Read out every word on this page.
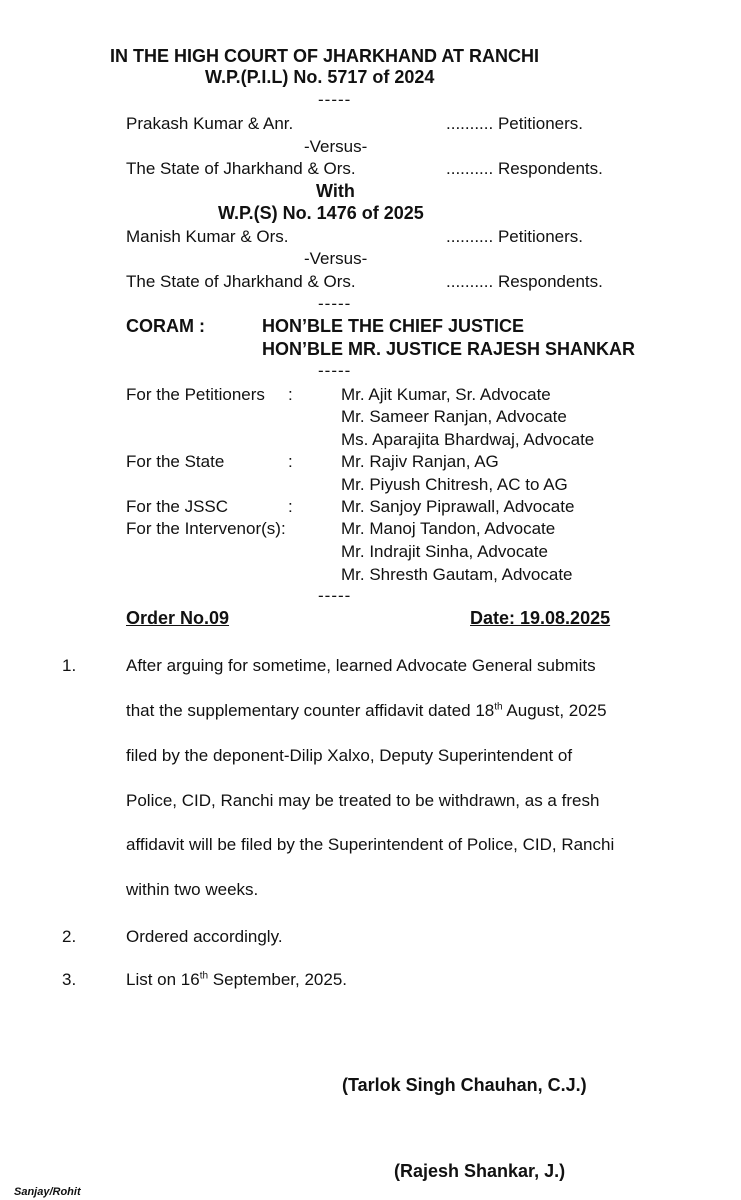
IN THE HIGH COURT OF JHARKHAND AT RANCHI
W.P.(P.I.L) No. 5717 of 2024
-----
Prakash Kumar & Anr.	.......... Petitioners.
-Versus-
The State of Jharkhand & Ors.	.......... Respondents.
With
W.P.(S) No. 1476 of 2025
Manish Kumar & Ors.	.......... Petitioners.
-Versus-
The State of Jharkhand & Ors.	.......... Respondents.
-----
CORAM :	HON’BLE THE CHIEF JUSTICE
HON’BLE MR. JUSTICE RAJESH SHANKAR
-----
For the Petitioners :	Mr. Ajit Kumar, Sr. Advocate
Mr. Sameer Ranjan, Advocate
Ms. Aparajita Bhardwaj, Advocate
For the State	:	Mr. Rajiv Ranjan, AG
Mr. Piyush Chitresh, AC to AG
For the JSSC	:	Mr. Sanjoy Piprawall, Advocate
For the Intervenor(s):	Mr. Manoj Tandon, Advocate
Mr. Indrajit Sinha, Advocate
Mr. Shresth Gautam, Advocate
-----
Order No.09	Date: 19.08.2025
1.	After arguing for sometime, learned Advocate General submits
that the supplementary counter affidavit dated 18th August, 2025
filed by the deponent-Dilip Xalxo, Deputy Superintendent of
Police, CID, Ranchi may be treated to be withdrawn, as a fresh
affidavit will be filed by the Superintendent of Police, CID, Ranchi
within two weeks.
2.	Ordered accordingly.
3.	List on 16th September, 2025.
(Tarlok Singh Chauhan, C.J.)
(Rajesh Shankar, J.)
Sanjay/Rohit
